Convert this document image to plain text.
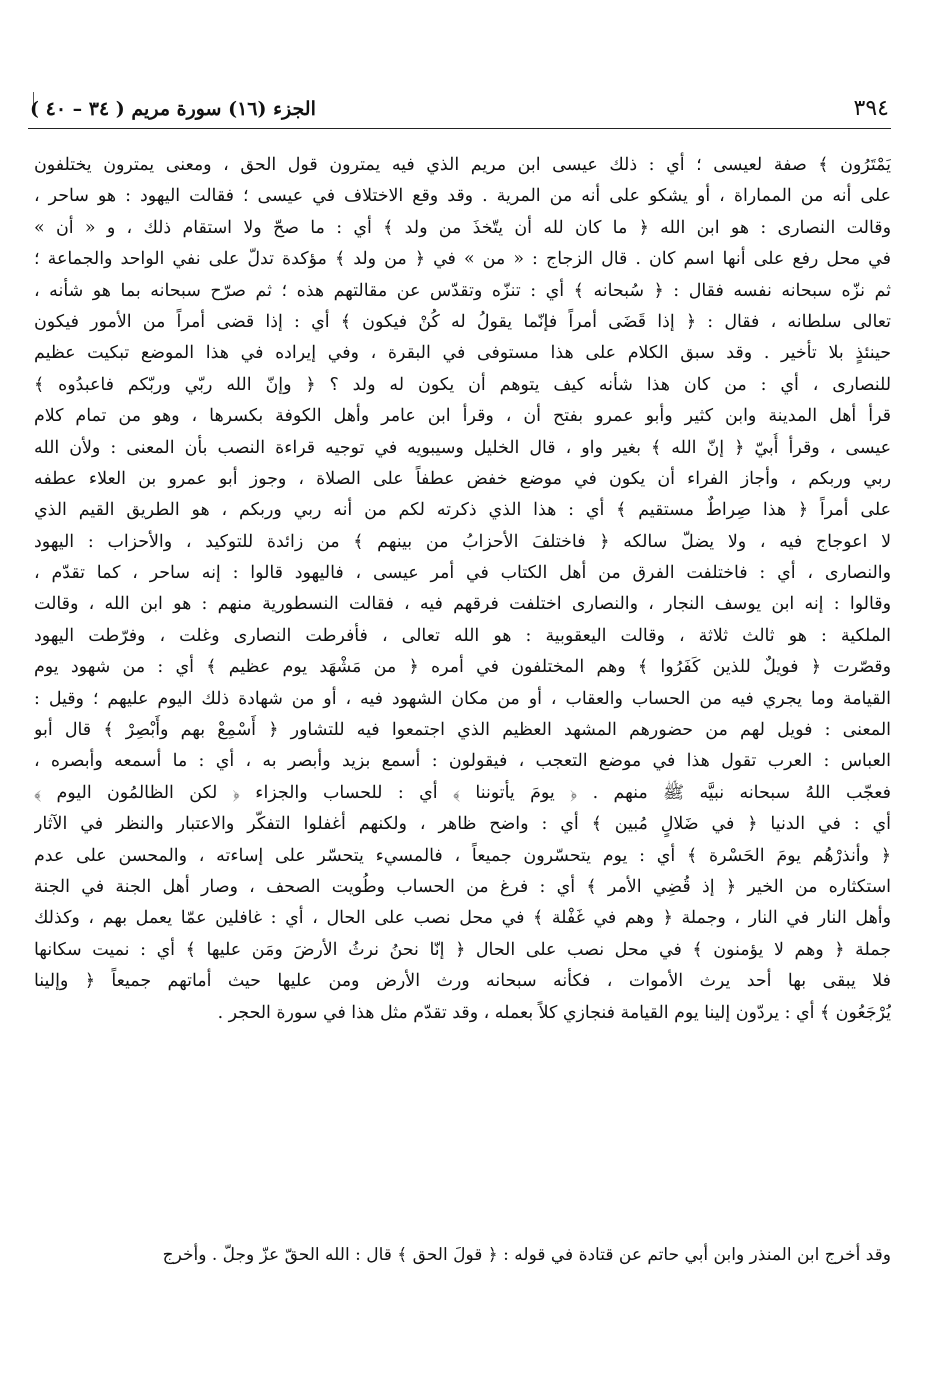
٣٩٤
الجزء (١٦) سورة مريم ( ٣٤ – ٤٠ )
يَمْتَرُون ﴾ صفة لعيسى ؛ أي : ذلك عيسى ابن مريم الذي فيه يمترون قول الحق ، ومعنى يمترون يختلفون
على أنه من المماراة ، أو يشكو على أنه من المرية . وقد وقع الاختلاف في عيسى ؛ فقالت اليهود : هو ساحر ،
وقالت النصارى : هو ابن الله ﴿ ما كان لله أن يتّخذَ من ولد ﴾ أي : ما صحّ ولا استقام ذلك ، و « أن »
في محل رفع على أنها اسم كان . قال الزجاج : « من » في ﴿ من ولد ﴾ مؤكدة تدلّ على نفي الواحد والجماعة ؛
ثم نزّه سبحانه نفسه فقال : ﴿ سُبحانه ﴾ أي : تنزّه وتقدّس عن مقالتهم هذه ؛ ثم صرّح سبحانه بما هو شأنه ،
تعالى سلطانه ، فقال : ﴿ إذا قَضَى أمراً فإنّما يقولُ له كُنْ فيكون ﴾ أي : إذا قضى أمراً من الأمور فيكون
حينئذٍ بلا تأخير . وقد سبق الكلام على هذا مستوفى في البقرة ، وفي إيراده في هذا الموضع تبكيت عظيم
للنصارى ، أي : من كان هذا شأنه كيف يتوهم أن يكون له ولد ؟ ﴿ وإنّ الله ربّي وربّكم فاعبدُوه ﴾
قرأ أهل المدينة وابن كثير وأبو عمرو بفتح أن ، وقرأ ابن عامر وأهل الكوفة بكسرها ، وهو من تمام كلام
عيسى ، وقرأ أُبيّ ﴿ إنّ الله ﴾ بغير واو ، قال الخليل وسيبويه في توجيه قراءة النصب بأن المعنى : ولأن الله
ربي وربكم ، وأجاز الفراء أن يكون في موضع خفض عطفاً على الصلاة ، وجوز أبو عمرو بن العلاء عطفه
على أمراً ﴿ هذا صِراطٌ مستقيم ﴾ أي : هذا الذي ذكرته لكم من أنه ربي وربكم ، هو الطريق القيم الذي
لا اعوجاج فيه ، ولا يضلّ سالكه ﴿ فاختلفَ الأحزابُ من بينهم ﴾ من زائدة للتوكيد ، والأحزاب : اليهود
والنصارى ، أي : فاختلفت الفرق من أهل الكتاب في أمر عيسى ، فاليهود قالوا : إنه ساحر ، كما تقدّم ،
وقالوا : إنه ابن يوسف النجار ، والنصارى اختلفت فرقهم فيه ، فقالت النسطورية منهم : هو ابن الله ، وقالت
الملكية : هو ثالث ثلاثة ، وقالت اليعقوبية : هو الله تعالى ، فأفرطت النصارى وغلت ، وفرّطت اليهود
وقصّرت ﴿ فويلٌ للذين كَفَرُوا ﴾ وهم المختلفون في أمره ﴿ من مَشْهَد يوم عظيم ﴾ أي : من شهود يوم
القيامة وما يجري فيه من الحساب والعقاب ، أو من مكان الشهود فيه ، أو من شهادة ذلك اليوم عليهم ؛ وقيل :
المعنى : فويل لهم من حضورهم المشهد العظيم الذي اجتمعوا فيه للتشاور ﴿ أَسْمِعْ بهم وأَبْصِرْ ﴾ قال أبو
العباس : العرب تقول هذا في موضع التعجب ، فيقولون : أسمع بزيد وأبصر به ، أي : ما أسمعه وأبصره ،
فعجّب اللهُ سبحانه نبيَّه ﷺ منهم . ﴿ يومَ يأتوننا ﴾ أي : للحساب والجزاء ﴿ لكن الظالمُون اليوم ﴾
أي : في الدنيا ﴿ في ضَلالٍ مُبين ﴾ أي : واضح ظاهر ، ولكنهم أغفلوا التفكّر والاعتبار والنظر في الآثار
﴿ وأنذرْهُم يومَ الحَسْرة ﴾ أي : يوم يتحسّرون جميعاً ، فالمسيء يتحسّر على إساءته ، والمحسن على عدم
استكثاره من الخير ﴿ إذ قُضِي الأمر ﴾ أي : فرغ من الحساب وطُويت الصحف ، وصار أهل الجنة في الجنة
وأهل النار في النار ، وجملة ﴿ وهم في غَفْلة ﴾ في محل نصب على الحال ، أي : غافلين عمّا يعمل بهم ، وكذلك
جملة ﴿ وهم لا يؤمنون ﴾ في محل نصب على الحال ﴿ إنّا نحنُ نرثُ الأرضَ ومَن عليها ﴾ أي : نميت سكانها
فلا يبقى بها أحد يرث الأموات ، فكأنه سبحانه ورث الأرض ومن عليها حيث أماتهم جميعاً ﴿ وإلينا
يُرْجَعُون ﴾ أي : يردّون إلينا يوم القيامة فنجازي كلاً بعمله ، وقد تقدّم مثل هذا في سورة الحجر .
وقد أخرج ابن المنذر وابن أبي حاتم عن قتادة في قوله : ﴿ قولَ الحق ﴾ قال : الله الحقّ عزّ وجلّ . وأخرج
